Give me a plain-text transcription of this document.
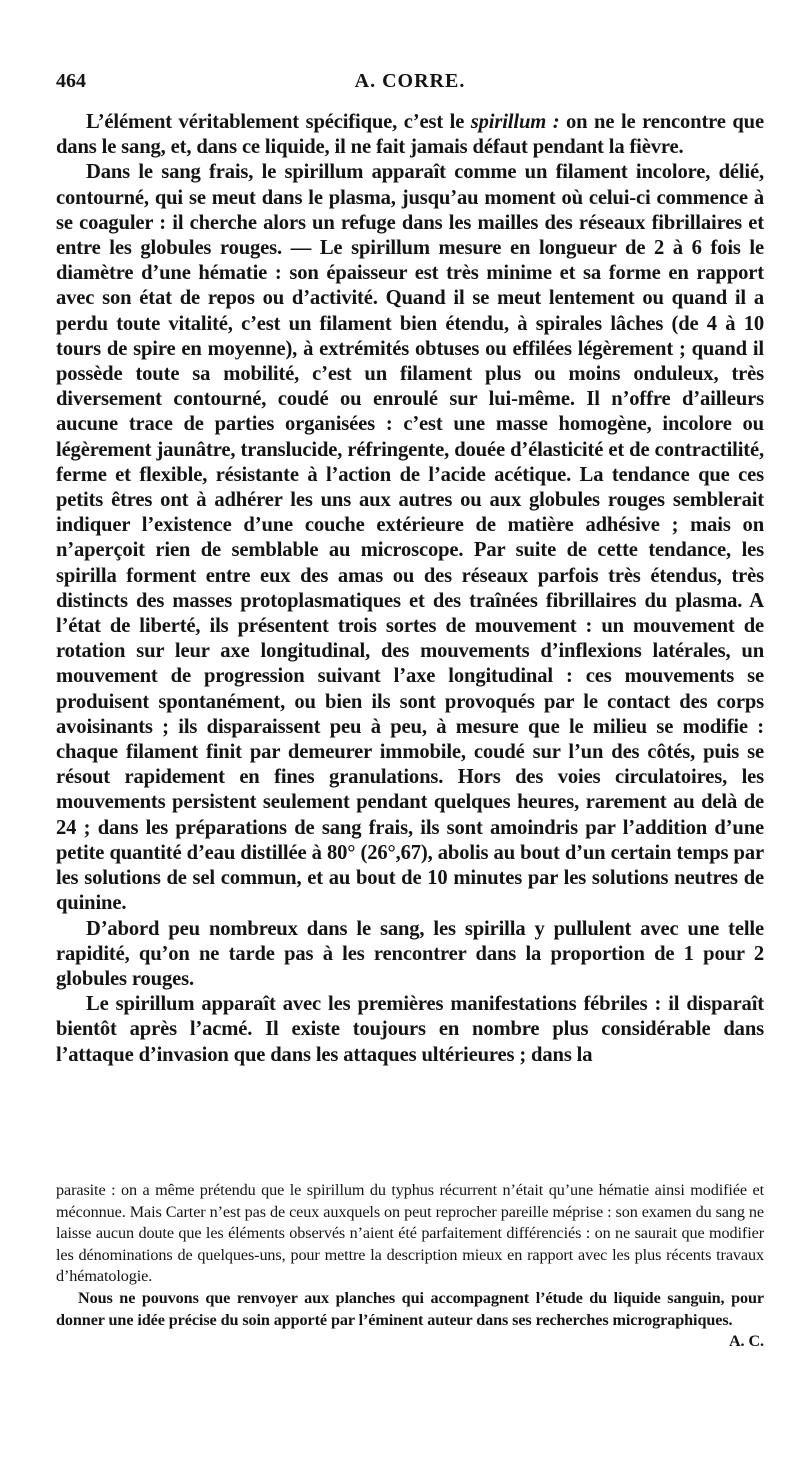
464	A. CORRE.

L’élément véritablement spécifique, c’est le spirillum : on ne le rencontre que dans le sang, et, dans ce liquide, il ne fait jamais défaut pendant la fièvre.

Dans le sang frais, le spirillum apparaît comme un filament incolore, délié, contourné, qui se meut dans le plasma, jusqu’au moment où celui-ci commence à se coaguler : il cherche alors un refuge dans les mailles des réseaux fibrillaires et entre les globules rouges. — Le spirillum mesure en longueur de 2 à 6 fois le diamètre d’une hématie : son épaisseur est très minime et sa forme en rapport avec son état de repos ou d’activité. Quand il se meut lentement ou quand il a perdu toute vitalité, c’est un filament bien étendu, à spirales lâches (de 4 à 10 tours de spire en moyenne), à extrémités obtuses ou effilées légèrement ; quand il possède toute sa mobilité, c’est un filament plus ou moins onduleux, très diversement contourné, coudé ou enroulé sur lui-même. Il n’offre d’ailleurs aucune trace de parties organisées : c’est une masse homogène, incolore ou légèrement jaunâtre, translucide, réfringente, douée d’élasticité et de contractilité, ferme et flexible, résistante à l’action de l’acide acétique. La tendance que ces petits êtres ont à adhérer les uns aux autres ou aux globules rouges semblerait indiquer l’existence d’une couche extérieure de matière adhésive ; mais on n’aperçoit rien de semblable au microscope. Par suite de cette tendance, les spirilla forment entre eux des amas ou des réseaux parfois très étendus, très distincts des masses protoplasmatiques et des traînées fibrillaires du plasma. A l’état de liberté, ils présentent trois sortes de mouvement : un mouvement de rotation sur leur axe longitudinal, des mouvements d’inflexions latérales, un mouvement de progression suivant l’axe longitudinal : ces mouvements se produisent spontanément, ou bien ils sont provoqués par le contact des corps avoisinants ; ils disparaissent peu à peu, à mesure que le milieu se modifie : chaque filament finit par demeurer immobile, coudé sur l’un des côtés, puis se résout rapidement en fines granulations. Hors des voies circulatoires, les mouvements persistent seulement pendant quelques heures, rarement au delà de 24 ; dans les préparations de sang frais, ils sont amoindris par l’addition d’une petite quantité d’eau distillée à 80° (26°,67), abolis au bout d’un certain temps par les solutions de sel commun, et au bout de 10 minutes par les solutions neutres de quinine.

D’abord peu nombreux dans le sang, les spirilla y pullulent avec une telle rapidité, qu’on ne tarde pas à les rencontrer dans la proportion de 1 pour 2 globules rouges.

Le spirillum apparaît avec les premières manifestations fébriles : il disparaît bientôt après l’acmé. Il existe toujours en nombre plus considérable dans l’attaque d’invasion que dans les attaques ultérieures ; dans la

parasite : on a même prétendu que le spirillum du typhus récurrent n’était qu’une hématie ainsi modifiée et méconnue. Mais Carter n’est pas de ceux auxquels on peut reprocher pareille méprise : son examen du sang ne laisse aucun doute que les éléments observés n’aient été parfaitement différenciés : on ne saurait que modifier les dénominations de quelques-uns, pour mettre la description mieux en rapport avec les plus récents travaux d’hématologie.

Nous ne pouvons que renvoyer aux planches qui accompagnent l’étude du liquide sanguin, pour donner une idée précise du soin apporté par l’éminent auteur dans ses recherches micrographiques.
A. C.
